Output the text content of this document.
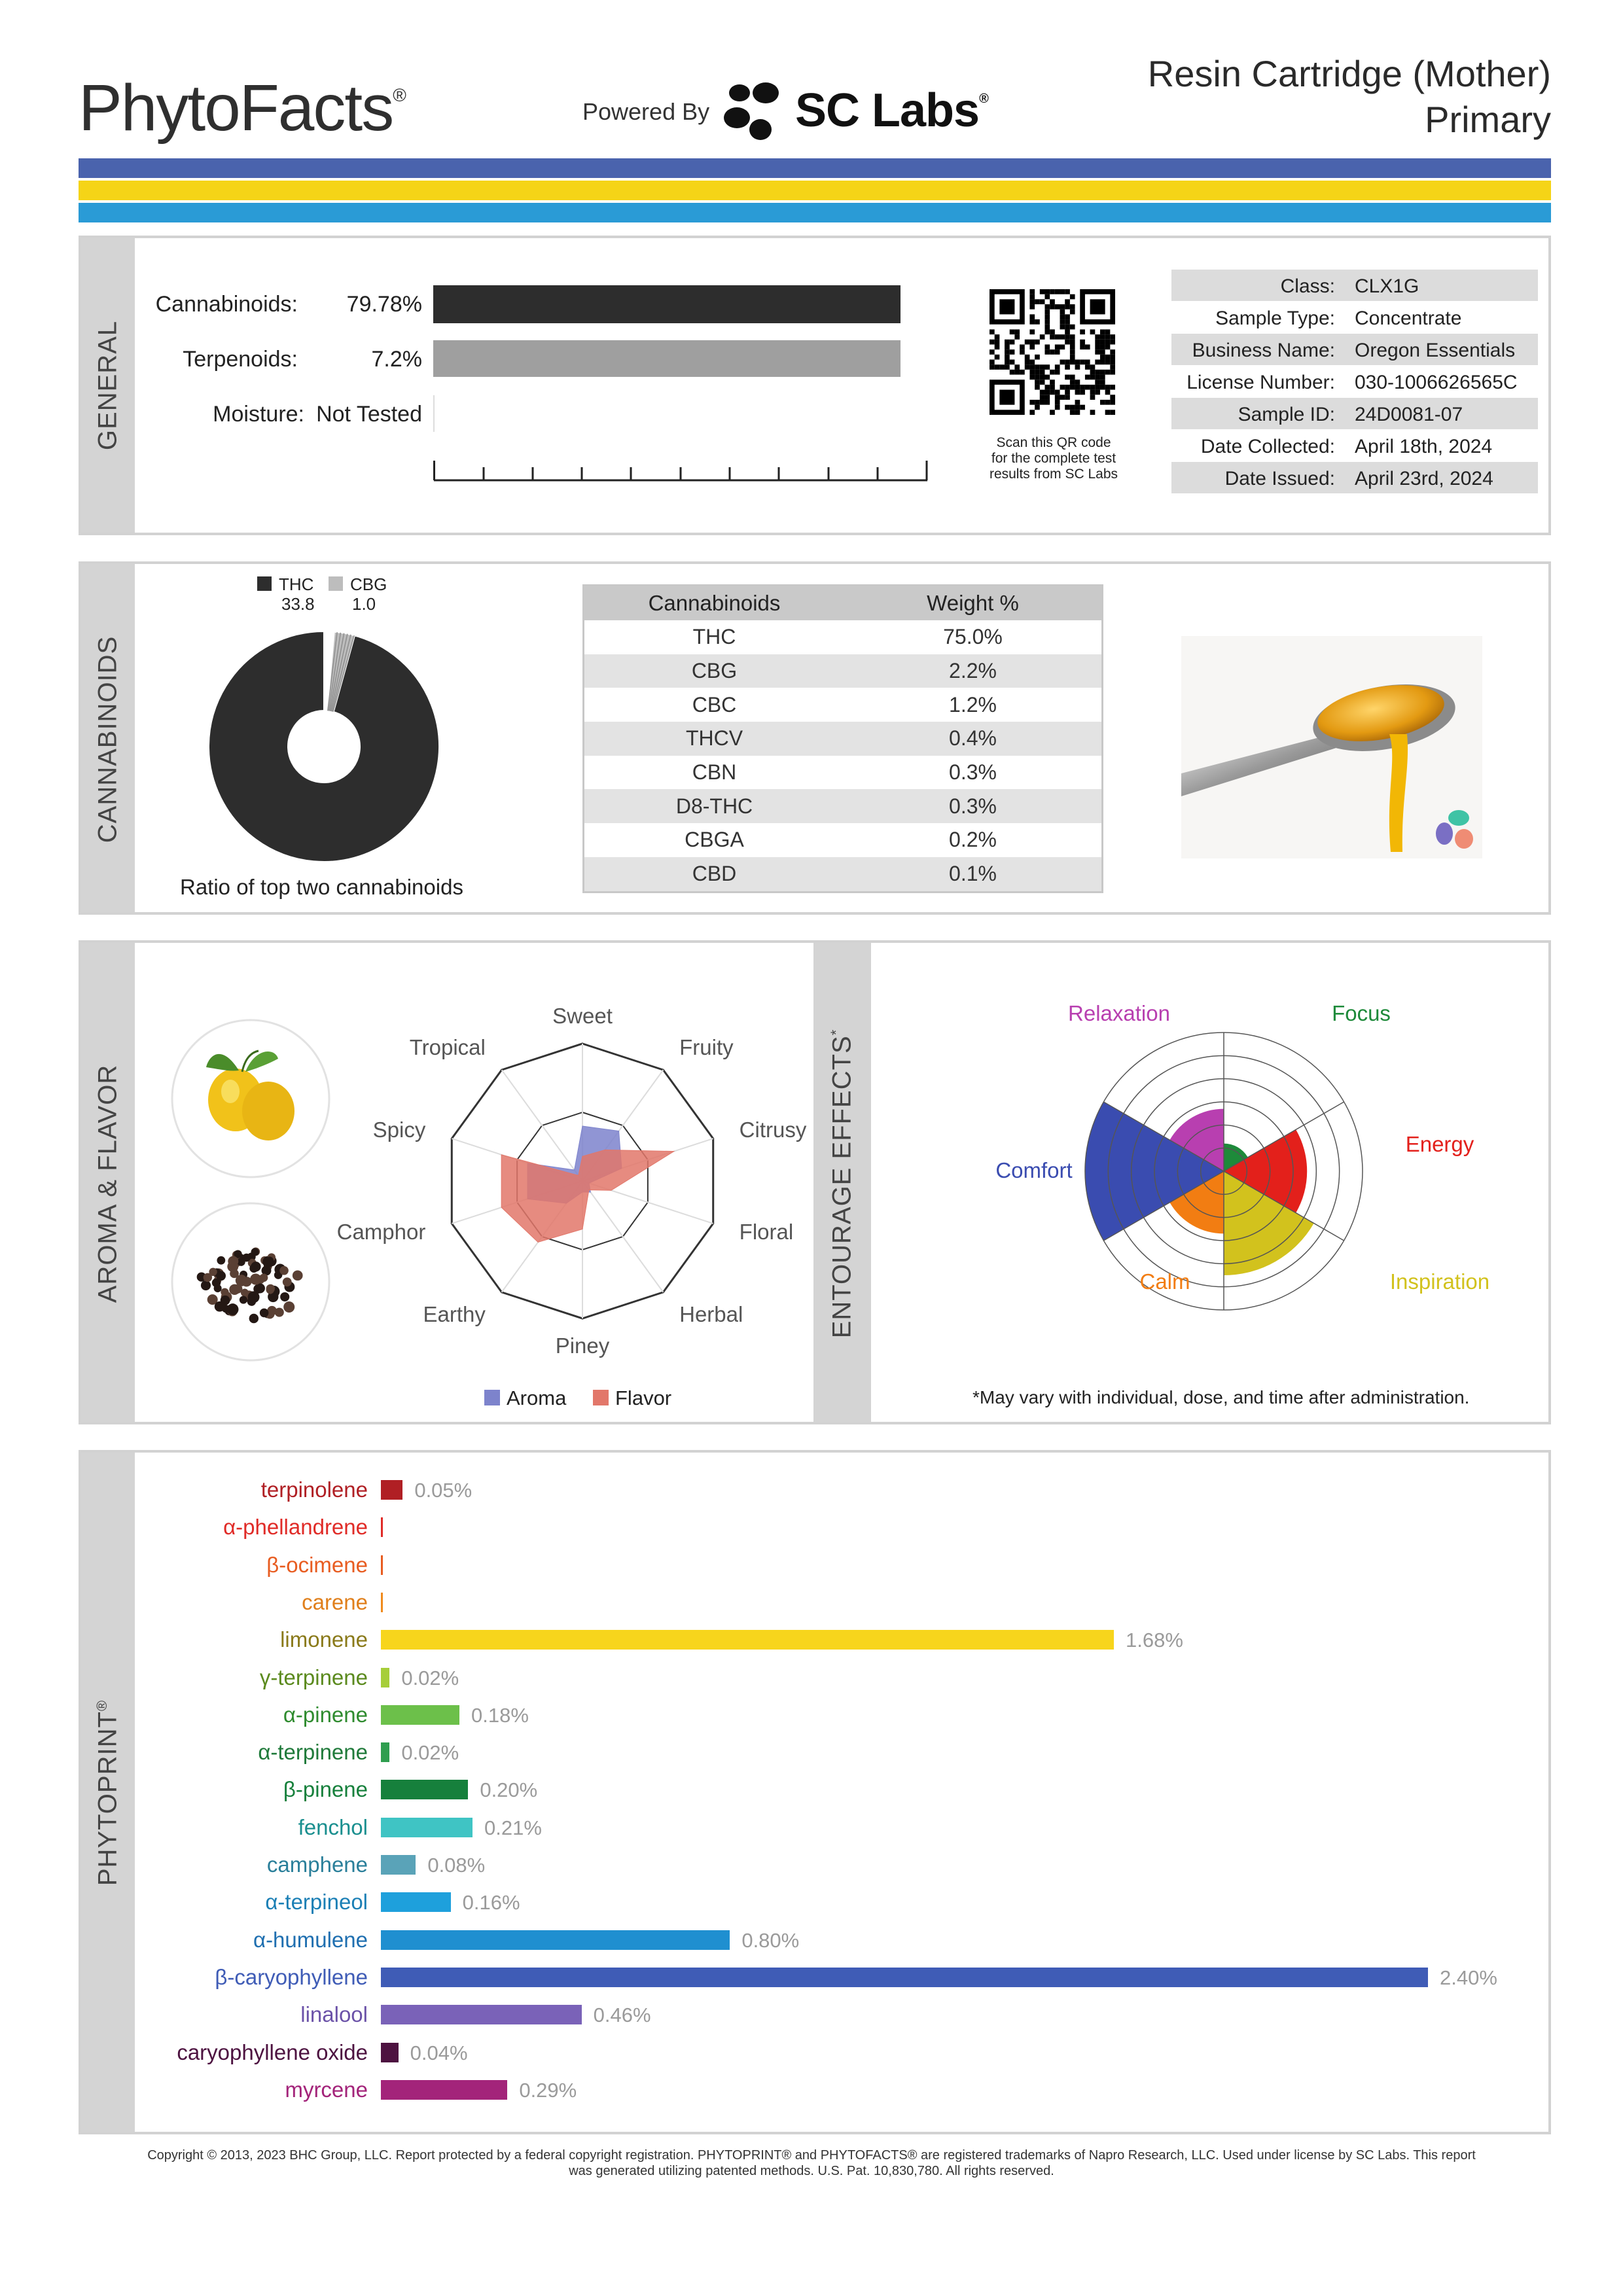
PhytoFacts®
Powered By SC Labs®
Resin Cartridge (Mother)
Primary
GENERAL
Cannabinoids: 79.78%
Terpenoids:	7.2%
Moisture: Not Tested
Scan this QR code
for the complete test
results from SC Labs
Class: CLX1G
Sample Type: Concentrate
Business Name: Oregon Essentials
License Number: 030-1006626565C
Sample ID: 24D0081-07
Date Collected: April 18th, 2024
Date Issued: April 23rd, 2024
CANNABINOIDS
THC
33.8
CBG
1.0
Ratio of top two cannabinoids
Cannabinoids	Weight %
THC	75.0%
CBG	2.2%
CBC	1.2%
THCV	0.4%
CBN	0.3%
D8-THC	0.3%
CBGA	0.2%
CBD	0.1%
AROMA & FLAVOR	ENTOURAGE EFFECTS*
Sweet
Fruity
Citrusy
Floral
Herbal
Piney
Earthy
Camphor
Spicy
Tropical
Aroma Flavor
Focus
Energy
Inspiration
Calm
Comfort
Relaxation
*May vary with individual, dose, and time after administration.
PHYTOPRINT®
terpinolene 0.05%
α-phellandrene
β-ocimene
carene
limonene	1.68%
γ-terpinene 0.02%
α-pinene	0.18%
α-terpinene 0.02%
β-pinene	0.20%
fenchol	0.21%
camphene	0.08%
α-terpineol	0.16%
α-humulene	0.80%
β-caryophyllene	2.40%
linalool	0.46%
caryophyllene oxide 0.04%
myrcene	0.29%
Copyright © 2013, 2023 BHC Group, LLC. Report protected by a federal copyright registration. PHYTOPRINT® and PHYTOFACTS® are registered trademarks of Napro Research, LLC. Used under license by SC Labs. This report
was generated utilizing patented methods. U.S. Pat. 10,830,780. All rights reserved.
